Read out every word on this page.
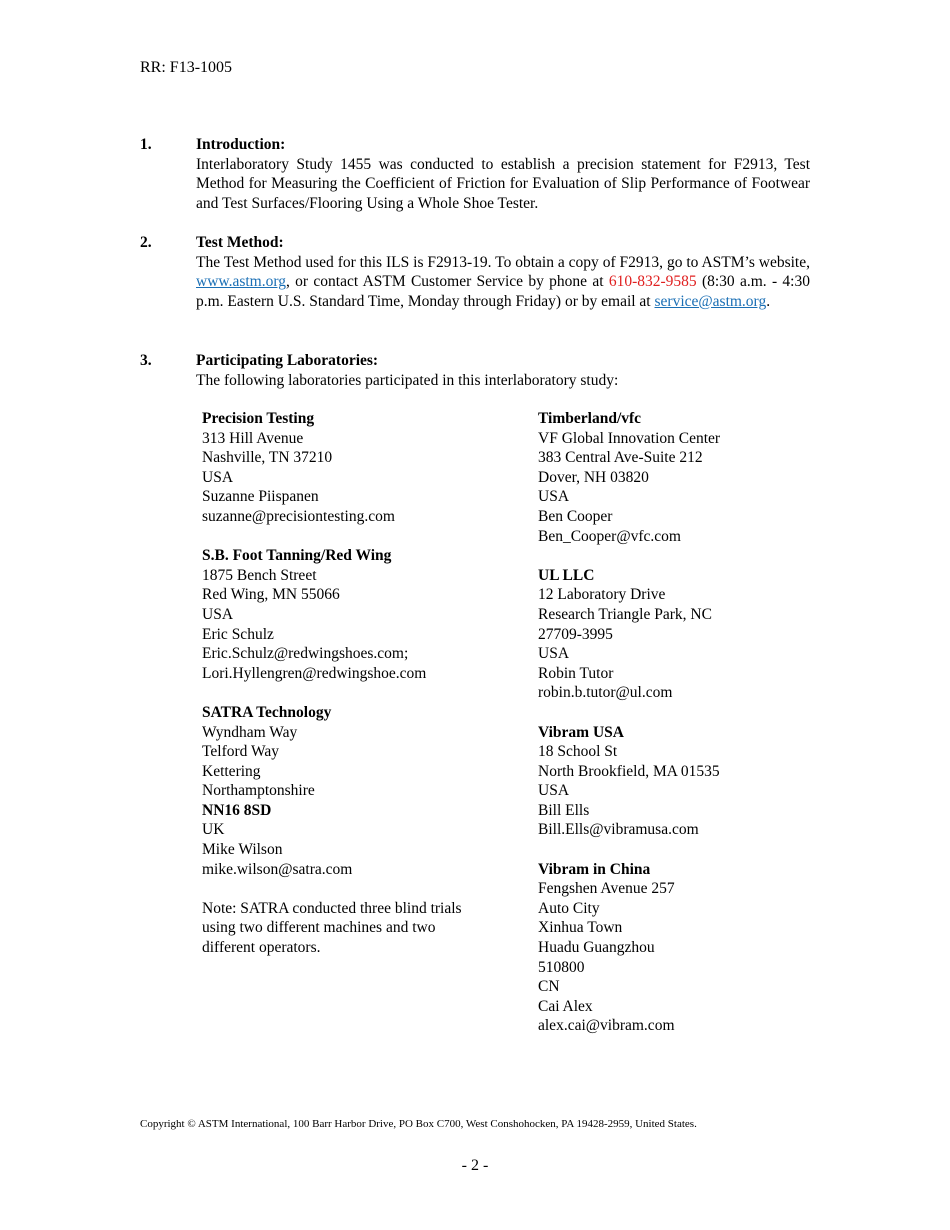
RR: F13-1005
1.	Introduction:
Interlaboratory Study 1455 was conducted to establish a precision statement for F2913, Test Method for Measuring the Coefficient of Friction for Evaluation of Slip Performance of Footwear and Test Surfaces/Flooring Using a Whole Shoe Tester.
2.	Test Method:
The Test Method used for this ILS is F2913-19. To obtain a copy of F2913, go to ASTM’s website, www.astm.org, or contact ASTM Customer Service by phone at 610-832-9585 (8:30 a.m. - 4:30 p.m. Eastern U.S. Standard Time, Monday through Friday) or by email at service@astm.org.
3.	Participating Laboratories:
The following laboratories participated in this interlaboratory study:
Precision Testing
313 Hill Avenue
Nashville, TN 37210
USA
Suzanne Piispanen
suzanne@precisiontesting.com
S.B. Foot Tanning/Red Wing
1875 Bench Street
Red Wing, MN 55066
USA
Eric Schulz
Eric.Schulz@redwingshoes.com;
Lori.Hyllengren@redwingshoe.com
SATRA Technology
Wyndham Way
Telford Way
Kettering
Northamptonshire
NN16 8SD
UK
Mike Wilson
mike.wilson@satra.com
Note: SATRA conducted three blind trials using two different machines and two different operators.
Timberland/vfc
VF Global Innovation Center
383 Central Ave-Suite 212
Dover, NH 03820
USA
Ben Cooper
Ben_Cooper@vfc.com
UL LLC
12 Laboratory Drive
Research Triangle Park, NC
27709-3995
USA
Robin Tutor
robin.b.tutor@ul.com
Vibram USA
18 School St
North Brookfield, MA 01535
USA
Bill Ells
Bill.Ells@vibramusa.com
Vibram in China
Fengshen Avenue 257
Auto City
Xinhua Town
Huadu Guangzhou
510800
CN
Cai Alex
alex.cai@vibram.com
Copyright © ASTM International, 100 Barr Harbor Drive, PO Box C700, West Conshohocken, PA 19428-2959, United States.
- 2 -
